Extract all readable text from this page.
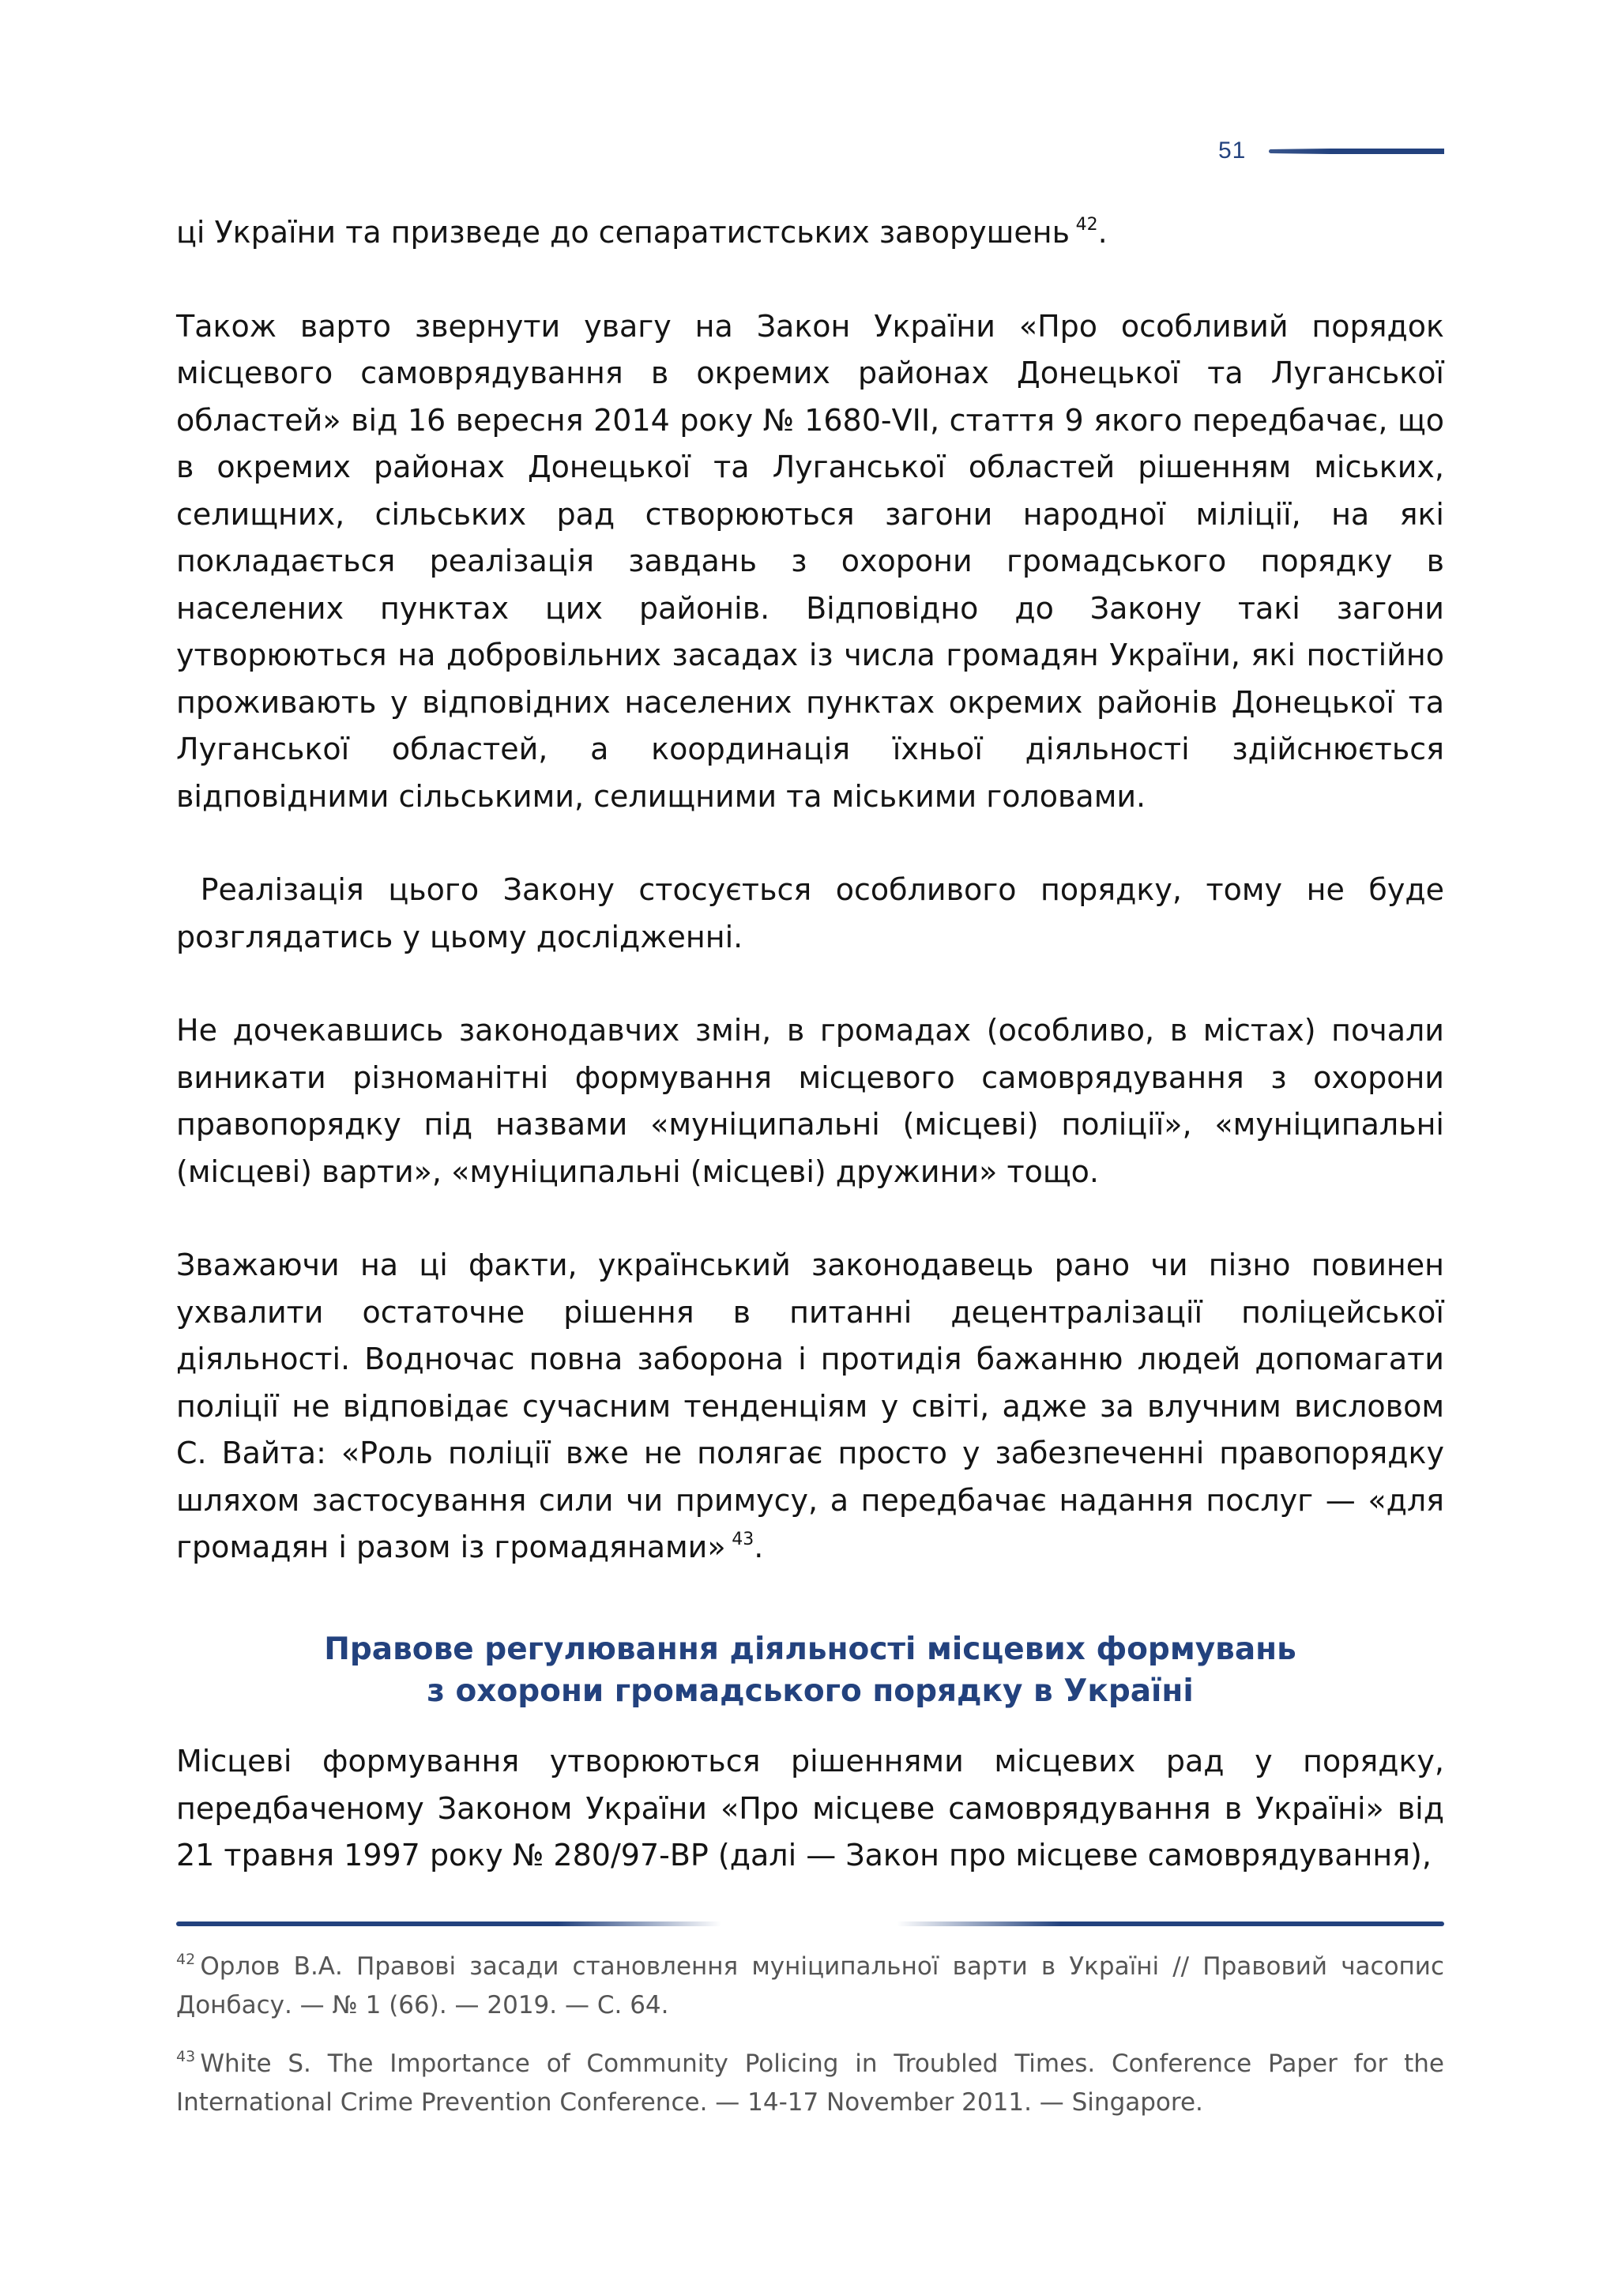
51

ці України та призведе до сепаратистських заворушень  $^{42}$.

Також варто звернути увагу на Закон України «Про особливий порядок місцевого самоврядування в окремих районах Донецької та Луганської областей» від 16 вересня 2014 року № 1680-VII, стаття 9 якого передбачає, що в окремих районах Донецької та Луганської областей рішенням міських, селищних, сільських рад створюються загони народної міліції, на які покладається реалізація завдань з охорони громадського порядку в населених пунктах цих районів. Відповідно до Закону такі загони утворюються на добровільних засадах із числа громадян України, які постійно проживають у відповідних населених пунктах окремих районів Донецької та Луганської областей, а координація їхньої діяльності здійснюється відповідними сільськими, селищними та міськими головами.

Реалізація цього Закону стосується особливого порядку, тому не буде розглядатись у цьому дослідженні.

Не дочекавшись законодавчих змін, в громадах (особливо, в містах) почали виникати різноманітні формування місцевого самоврядування з охорони правопорядку під назвами «муніципальні (місцеві) поліції», «муніципальні (місцеві) варти», «муніципальні (місцеві) дружини» тощо.

Зважаючи на ці факти, український законодавець рано чи пізно повинен ухвалити остаточне рішення в питанні децентралізації поліцейської діяльності. Водночас повна заборона і протидія бажанню людей допомагати поліції не відповідає сучасним тенденціям у світі, адже за влучним висловом С. Вайта: «Роль поліції вже не полягає просто у забезпеченні правопорядку шляхом застосування сили чи примусу, а передбачає надання послуг — «для громадян і разом із громадянами»  $^{43}$.

Правове регулювання діяльності місцевих формувань
з охорони громадського порядку в Україні
Місцеві формування утворюються рішеннями місцевих рад у порядку, передбаченому Законом України «Про місцеве самоврядування в Україні» від 21 травня 1997 року № 280/97-ВР (далі — Закон про місцеве самоврядування),

$^{42}$  Орлов В.А. Правові засади становлення муніципальної варти в Україні // Правовий часопис Донбасу. — № 1 (66). — 2019. — С. 64.

$^{43}$  White S. The Importance of Community Policing in Troubled Times. Conference Paper for the International Crime Prevention Conference. — 14-17 November 2011. — Singapore.
